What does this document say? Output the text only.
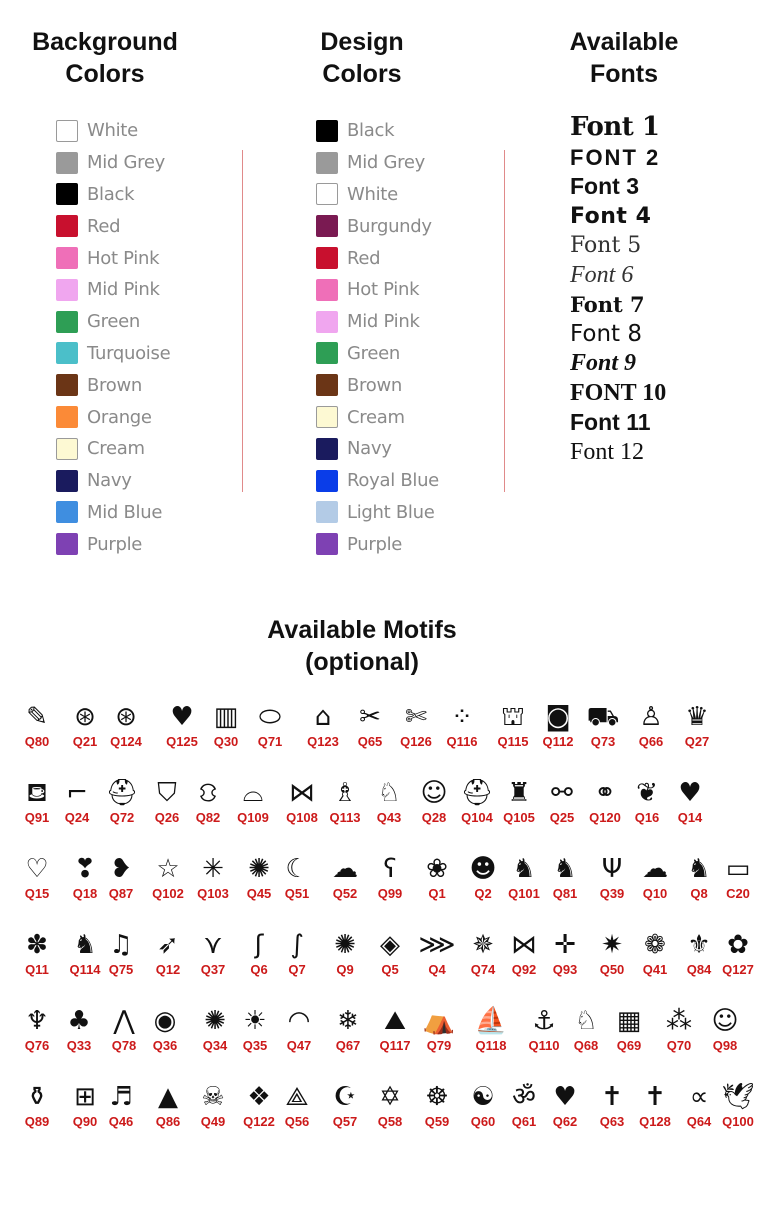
Background
Colors
Design
Colors
Available
Fonts
White
Mid Grey
Black
Red
Hot Pink
Mid Pink
Green
Turquoise
Brown
Orange
Cream
Navy
Mid Blue
Purple
Black
Mid Grey
White
Burgundy
Red
Hot Pink
Mid Pink
Green
Brown
Cream
Navy
Royal Blue
Light Blue
Purple
Font 1
FONT 2
Font 3
Font 4
Font 5
Font 6
Font 7
Font 8
Font 9
FONT 10
Font 11
Font 12
Available Motifs
(optional)
✎
Q80
⊛
Q21
⊛
Q124
♥
Q125
▥
Q30
⬭
Q71
⌂
Q123
✂
Q65
✄
Q126
⁘
Q116
⛫
Q115
◙
Q112
⛟
Q73
♙
Q66
♛
Q27
⛾
Q91
⌐
Q24
⛑
Q72
⛉
Q26
⛻
Q82
⌓
Q109
⋈
Q108
♗
Q113
♘
Q43
☺
Q28
⛑
Q104
♜
Q105
⚯
Q25
⚭
Q120
❦
Q16
♥
Q14
♡
Q15
❣
Q18
❥
Q87
☆
Q102
✳
Q103
✺
Q45
☾
Q51
☁
Q52
ʕ
Q99
❀
Q1
☻
Q2
♞
Q101
♞
Q81
Ψ
Q39
☁
Q10
♞
Q8
▭
C20
✽
Q11
♞
Q114
♫
Q75
➶
Q12
⋎
Q37
ʃ
Q6
∫
Q7
✺
Q9
◈
Q5
⋙
Q4
✵
Q74
⋈
Q92
✛
Q93
✷
Q50
❁
Q41
⚜
Q84
✿
Q127
♆
Q76
♣
Q33
⋀
Q78
◉
Q36
✺
Q34
☀
Q35
◠
Q47
❄
Q67
⛰
Q117
⛺
Q79
⛵
Q118
⚓
Q110
♘
Q68
▦
Q69
⁂
Q70
☺
Q98
⚱
Q89
⊞
Q90
♬
Q46
▲
Q86
☠
Q49
❖
Q122
⟁
Q56
☪
Q57
✡
Q58
☸
Q59
☯
Q60
ॐ
Q61
♥
Q62
✝
Q63
✝
Q128
∝
Q64
🕊
Q100
